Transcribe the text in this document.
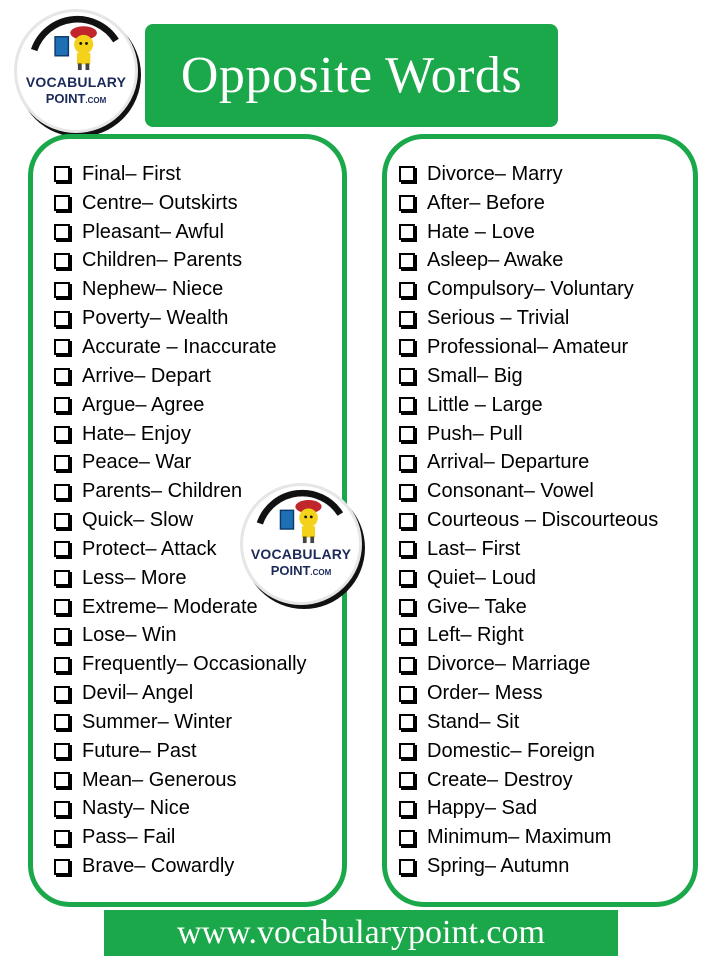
Opposite Words
VOCABULARY
POINT.COM
Final– First
Centre– Outskirts
Pleasant– Awful
Children– Parents
Nephew– Niece
Poverty– Wealth
Accurate – Inaccurate
Arrive– Depart
Argue– Agree
Hate– Enjoy
Peace– War
Parents– Children
Quick– Slow
Protect– Attack
Less– More
Extreme– Moderate
Lose– Win
Frequently– Occasionally
Devil– Angel
Summer– Winter
Future– Past
Mean– Generous
Nasty– Nice
Pass– Fail
Brave– Cowardly
Divorce– Marry
After– Before
Hate – Love
Asleep– Awake
Compulsory– Voluntary
Serious – Trivial
Professional– Amateur
Small– Big
Little – Large
Push– Pull
Arrival– Departure
Consonant– Vowel
Courteous – Discourteous
Last– First
Quiet– Loud
Give– Take
Left– Right
Divorce– Marriage
Order– Mess
Stand– Sit
Domestic– Foreign
Create– Destroy
Happy– Sad
Minimum– Maximum
Spring– Autumn
VOCABULARY
POINT.COM
www.vocabularypoint.com
